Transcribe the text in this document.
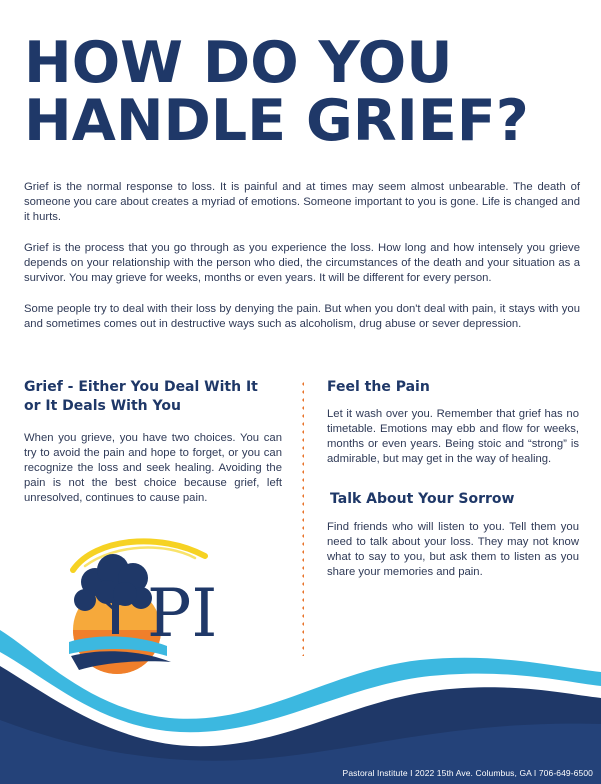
HOW DO YOU
HANDLE GRIEF?

Grief is the normal response to loss. It is painful and at times may seem almost unbearable. The death of someone you care about creates a myriad of emotions. Someone important to you is gone. Life is changed and it hurts.

Grief is the process that you go through as you experience the loss. How long and how intensely you grieve depends on your relationship with the person who died, the circumstances of the death and your situation as a survivor. You may grieve for weeks, months or even years. It will be different for every person.

Some people try to deal with their loss by denying the pain. But when you don't deal with pain, it stays with you and sometimes comes out in destructive ways such as alcoholism, drug abuse or sever depression.

Grief - Either You Deal With It or It Deals With You

When you grieve, you have two choices. You can try to avoid the pain and hope to forget, or you can recognize the loss and seek healing. Avoiding the pain is not the best choice because grief, left unresolved, continues to cause pain.

Feel the Pain

Let it wash over you. Remember that grief has no timetable. Emotions may ebb and flow for weeks, months or even years. Being stoic and “strong” is admirable, but may get in the way of healing.

Talk About Your Sorrow

Find friends who will listen to you. Tell them you need to talk about your loss. They may not know what to say to you, but ask them to listen as you share your memories and pain.

PI
Pastoral Institute I 2022 15th Ave. Columbus, GA I 706-649-6500
